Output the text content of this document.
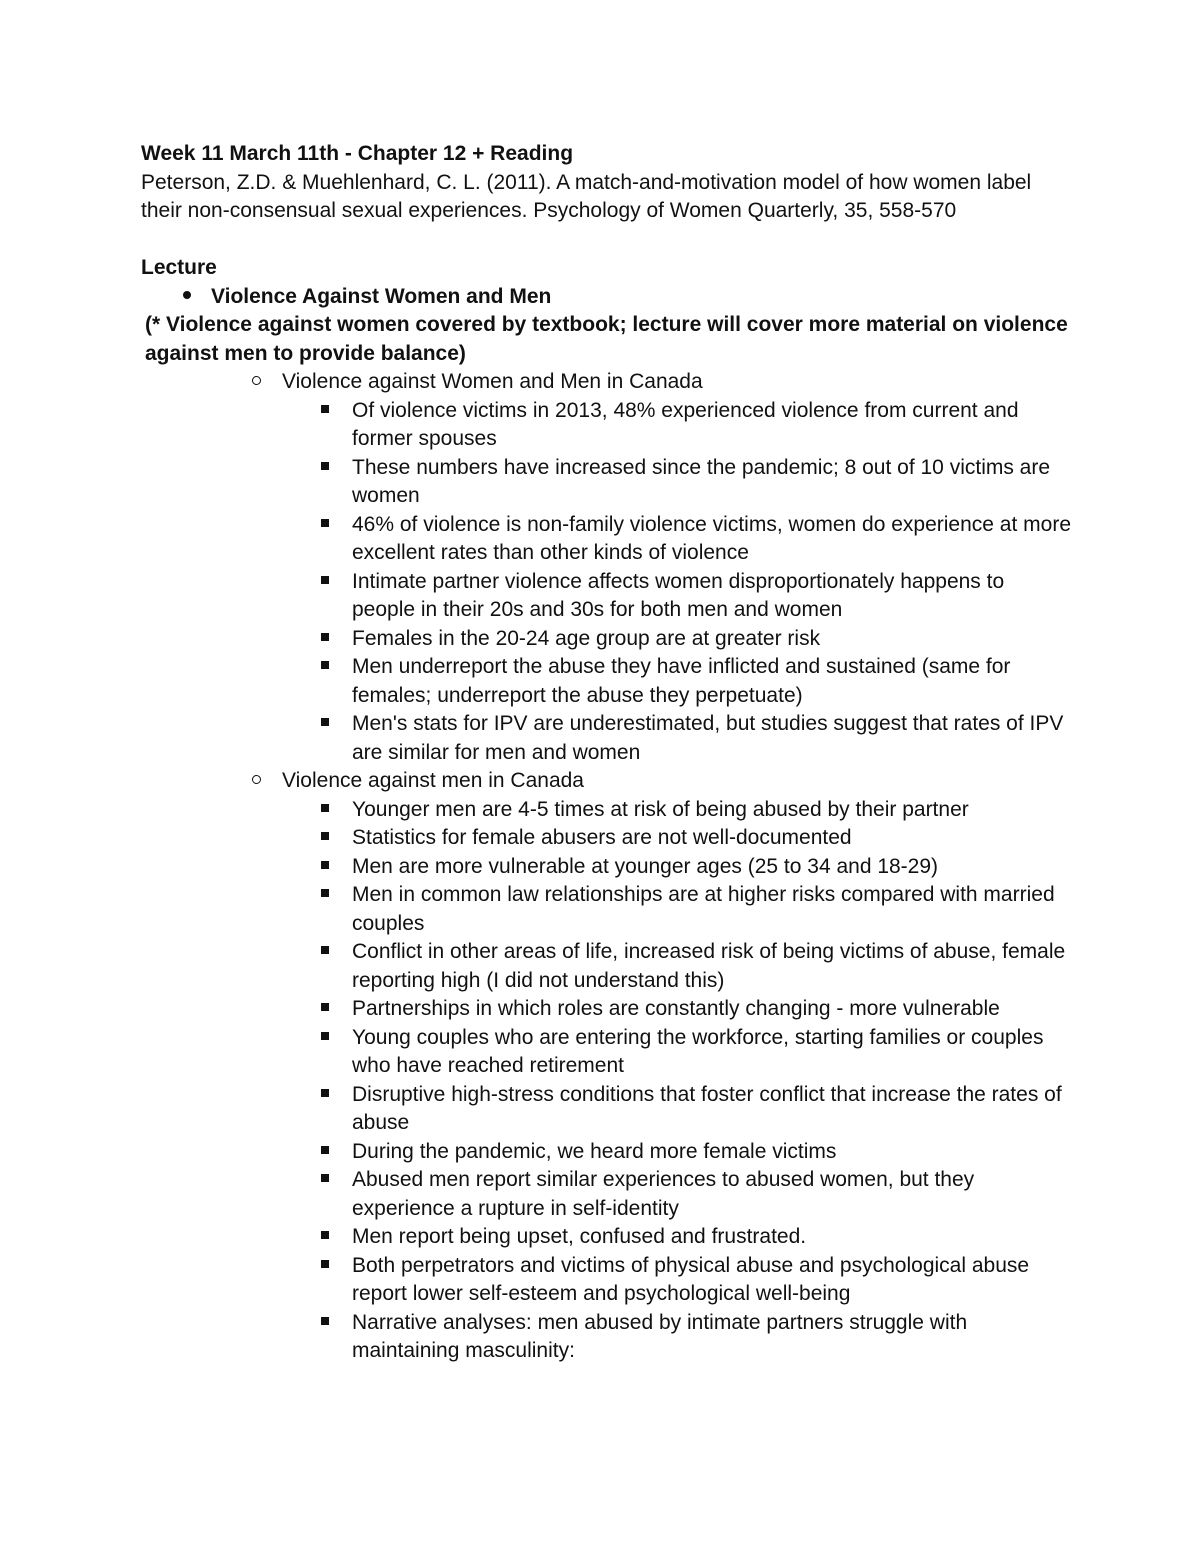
Week 11 March 11th - Chapter 12 + Reading

Peterson, Z.D. & Muehlenhard, C. L. (2011). A match-and-motivation model of how women label their non-consensual sexual experiences. Psychology of Women Quarterly, 35, 558-570

Lecture

Violence Against Women and Men

(* Violence against women covered by textbook; lecture will cover more material on violence against men to provide balance)

Violence against Women and Men in Canada
Of violence victims in 2013, 48% experienced violence from current and former spouses
These numbers have increased since the pandemic; 8 out of 10 victims are women
46% of violence is non-family violence victims, women do experience at more excellent rates than other kinds of violence
Intimate partner violence affects women disproportionately happens to people in their 20s and 30s for both men and women
Females in the 20-24 age group are at greater risk
Men underreport the abuse they have inflicted and sustained (same for females; underreport the abuse they perpetuate)
Men's stats for IPV are underestimated, but studies suggest that rates of IPV are similar for men and women
Violence against men in Canada
Younger men are 4-5 times at risk of being abused by their partner
Statistics for female abusers are not well-documented
Men are more vulnerable at younger ages (25 to 34 and 18-29)
Men in common law relationships are at higher risks compared with married couples
Conflict in other areas of life, increased risk of being victims of abuse, female reporting high (I did not understand this)
Partnerships in which roles are constantly changing - more vulnerable
Young couples who are entering the workforce, starting families or couples who have reached retirement
Disruptive high-stress conditions that foster conflict that increase the rates of abuse
During the pandemic, we heard more female victims
Abused men report similar experiences to abused women, but they experience a rupture in self-identity
Men report being upset, confused and frustrated.
Both perpetrators and victims of physical abuse and psychological abuse report lower self-esteem and psychological well-being
Narrative analyses: men abused by intimate partners struggle with maintaining masculinity:
